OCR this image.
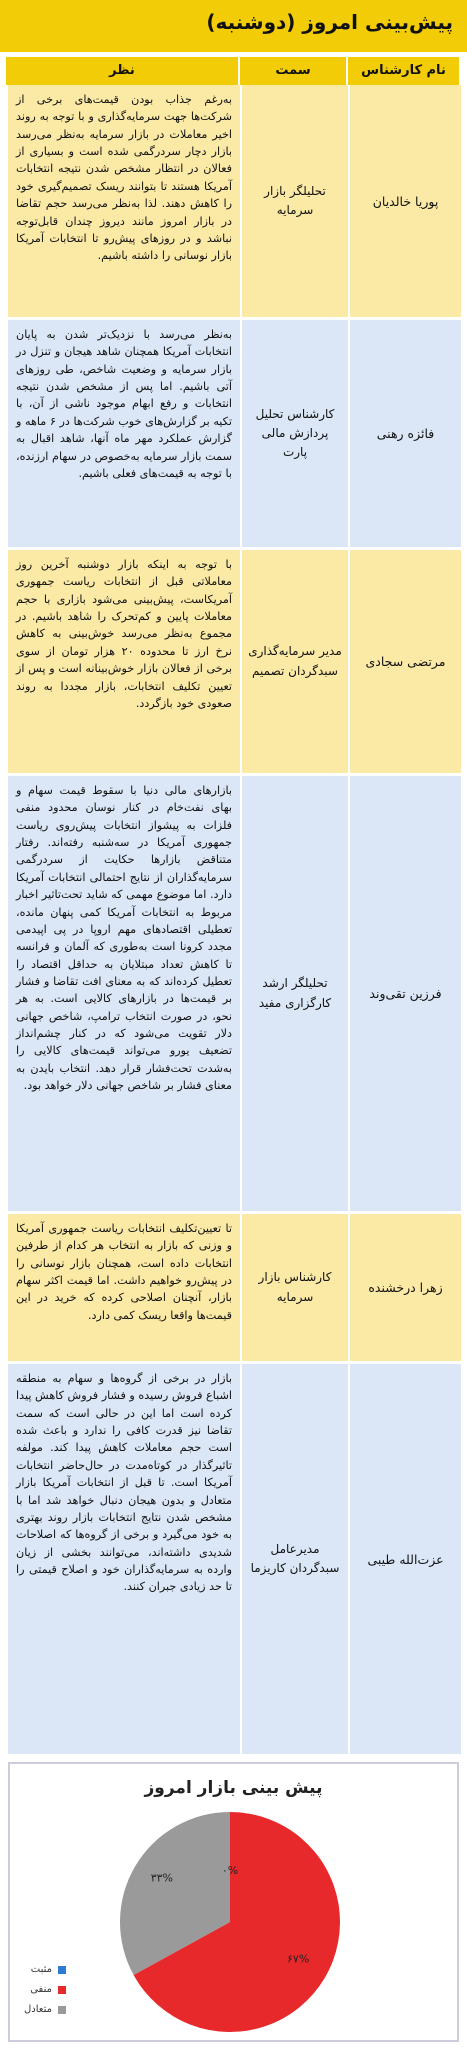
پیش‌بینی امروز (دوشنبه)
نام کارشناس
سمت
نظر
پوریا خالدیان
تحلیلگر بازار سرمایه
به‌رغم جذاب بودن قیمت‌های برخی از شرکت‌ها جهت سرمایه‌گذاری و با توجه به روند اخیر معاملات در بازار سرمایه به‌نظر می‌رسد بازار دچار سردرگمی شده است و بسیاری از فعالان در انتظار مشخص شدن نتیجه انتخابات آمریکا هستند تا بتوانند ریسک تصمیم‌گیری خود را کاهش دهند. لذا به‌نظر می‌رسد حجم تقاضا در بازار امروز مانند دیروز چندان قابل‌توجه نباشد و در روزهای پیش‌رو تا انتخابات آمریکا بازار نوسانی را داشته باشیم.
فائزه رهنی
کارشناس تحلیل پردازش مالی پارت
به‌نظر می‌رسد با نزدیک‌تر شدن به پایان انتخابات آمریکا همچنان شاهد هیجان و تنزل در بازار سرمایه و وضعیت شاخص، طی روزهای آتی باشیم. اما پس از مشخص شدن نتیجه انتخابات و رفع ابهام موجود ناشی از آن، با تکیه بر گزارش‌های خوب شرکت‌ها در ۶ ماهه و گزارش عملکرد مهر ماه آنها، شاهد اقبال به سمت بازار سرمایه به‌خصوص در سهام ارزنده، با توجه به قیمت‌های فعلی باشیم.
مرتضی سجادی
مدیر سرمایه‌گذاری سبدگردان تصمیم
با توجه به اینکه بازار دوشنبه آخرین روز معاملاتی قبل از انتخابات ریاست جمهوری آمریکاست، پیش‌بینی می‌شود بازاری با حجم معاملات پایین و کم‌تحرک را شاهد باشیم. در مجموع به‌نظر می‌رسد خوش‌بینی به کاهش نرخ ارز تا محدوده ۲۰ هزار تومان از سوی برخی از فعالان بازار خوش‌بینانه است و پس از تعیین تکلیف انتخابات، بازار مجددا به روند صعودی خود بازگردد.
فرزین تقی‌وند
تحلیلگر ارشد کارگزاری مفید
بازارهای مالی دنیا با سقوط قیمت سهام و بهای نفت‌خام در کنار نوسان محدود منفی فلزات به پیشواز انتخابات پیش‌روی ریاست جمهوری آمریکا در سه‌شنبه رفته‌اند. رفتار متناقض بازارها حکایت از سردرگمی سرمایه‌گذاران از نتایج احتمالی انتخابات آمریکا دارد. اما موضوع مهمی که شاید تحت‌تاثیر اخبار مربوط به انتخابات آمریکا کمی پنهان مانده، تعطیلی اقتصادهای مهم اروپا در پی اپیدمی مجدد کرونا است به‌طوری که آلمان و فرانسه تا کاهش تعداد مبتلایان به حداقل اقتصاد را تعطیل کرده‌اند که به معنای افت تقاضا و فشار بر قیمت‌ها در بازارهای کالایی است. به هر نحو، در صورت انتخاب ترامپ، شاخص جهانی دلار تقویت می‌شود که در کنار چشم‌انداز تضعیف یورو می‌تواند قیمت‌های کالایی را به‌شدت تحت‌فشار قرار دهد. انتخاب بایدن به معنای فشار بر شاخص جهانی دلار خواهد بود.
زهرا درخشنده
کارشناس بازار سرمایه
تا تعیین‌تکلیف انتخابات ریاست جمهوری آمریکا و وزنی که بازار به انتخاب هر کدام از طرفین انتخابات داده است، همچنان بازار نوسانی را در پیش‌رو خواهیم داشت. اما قیمت اکثر سهام بازار، آنچنان اصلاحی کرده که خرید در این قیمت‌ها واقعا ریسک کمی دارد.
عزت‌الله طیبی
مدیرعامل سبدگردان کاریزما
بازار در برخی از گروه‌ها و سهام به منطقه اشباع فروش رسیده و فشار فروش کاهش پیدا کرده است اما این در حالی است که سمت تقاضا نیز قدرت کافی را ندارد و باعث شده است حجم معاملات کاهش پیدا کند. مولفه تاثیرگذار در کوتاه‌مدت در حال‌حاضر انتخابات آمریکا است. تا قبل از انتخابات آمریکا بازار متعادل و بدون هیجان دنبال خواهد شد اما با مشخص شدن نتایج انتخابات بازار روند بهتری به خود می‌گیرد و برخی از گروه‌ها که اصلاحات شدیدی داشته‌اند، می‌توانند بخشی از زیان وارده به سرمایه‌گذاران خود و اصلاح قیمتی را تا حد زیادی جبران کنند.
پیش بینی بازار امروز
۰%
۶۷%
۳۳%
مثبت
منفی
متعادل
